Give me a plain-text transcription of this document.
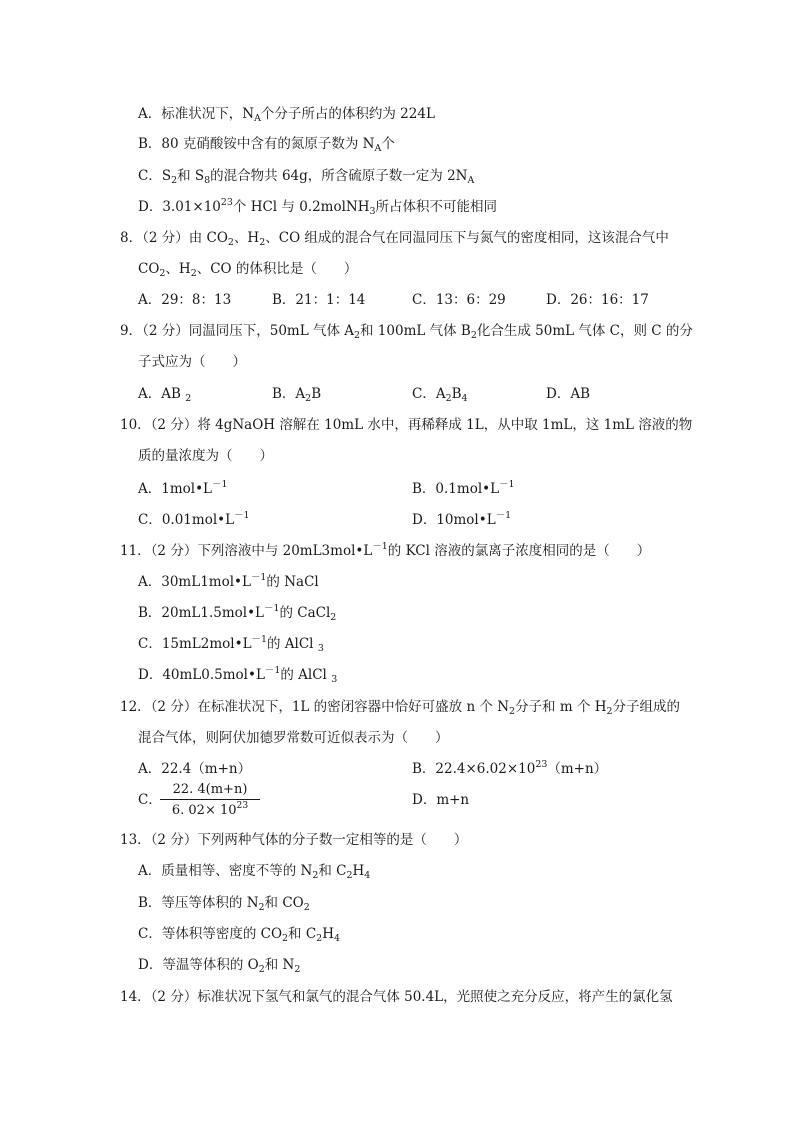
A．标准状况下，$N_A$个分子所占的体积约为 224L
B．80 克硝酸铵中含有的氮原子数为 $N_A$个
C．$S_2$和 $S_8$的混合物共 64g，所含硫原子数一定为 $2N_A$
D．$3.01\times 10^{23}$个 HCl 与 0.2molNH$_3$所占体积不可能相同
8．（2 分）由 $CO_2$、$H_2$、CO 组成的混合气在同温同压下与氮气的密度相同，这该混合气中
$CO_2$、$H_2$、CO 的体积比是（　　）
A．29：8：13	B．21：1：14	C．13：6：29	D．26：16：17
9．（2 分）同温同压下，50mL 气体 $A_2$和 100mL 气体 $B_2$化合生成 50mL 气体 C，则 C 的分
子式应为（　　）
A．AB $_2$	B．$A_2B$	C．$A_2B_4$	D．AB
10．（2 分）将 4gNaOH 溶解在 10mL 水中，再稀释成 1L，从中取 1mL，这 1mL 溶液的物
质的量浓度为（　　）
A．$1mol•L^{-1}$	B．$0.1mol•L^{-1}$
C．$0.01mol•L^{-1}$	D．$10mol•L^{-1}$
11．（2 分）下列溶液中与 $20mL3mol•L^{-1}$的 KCl 溶液的氯离子浓度相同的是（　　）
A．$30mL1mol•L^{-1}$的 NaCl
B．$20mL1.5mol•L^{-1}$的 CaCl$_2$
C．$15mL2mol•L^{-1}$的 AlCl $_3$
D．$40mL0.5mol•L^{-1}$的 AlCl $_3$
12．（2 分）在标准状况下，1L 的密闭容器中恰好可盛放 n 个 $N_2$分子和 m 个 $H_2$分子组成的
混合气体，则阿伏加德罗常数可近似表示为（　　）
A．22.4（m+n）	B．$22.4\times 6.02\times 10^{23}(m+n)$
C．
$\frac{22. 4(m+n)}{6. 02\times 10^{23}}$	D．m+n
13．（2 分）下列两种气体的分子数一定相等的是（　　）
A．质量相等、密度不等的 $N_2$和 $C_2H_4$
B．等压等体积的 $N_2$和 $CO_2$
C．等体积等密度的 $CO_2$和 $C_2H_4$
D．等温等体积的 $O_2$和 $N_2$
14．（2 分）标准状况下氢气和氯气的混合气体 50.4L，光照使之充分反应，将产生的氯化氢
